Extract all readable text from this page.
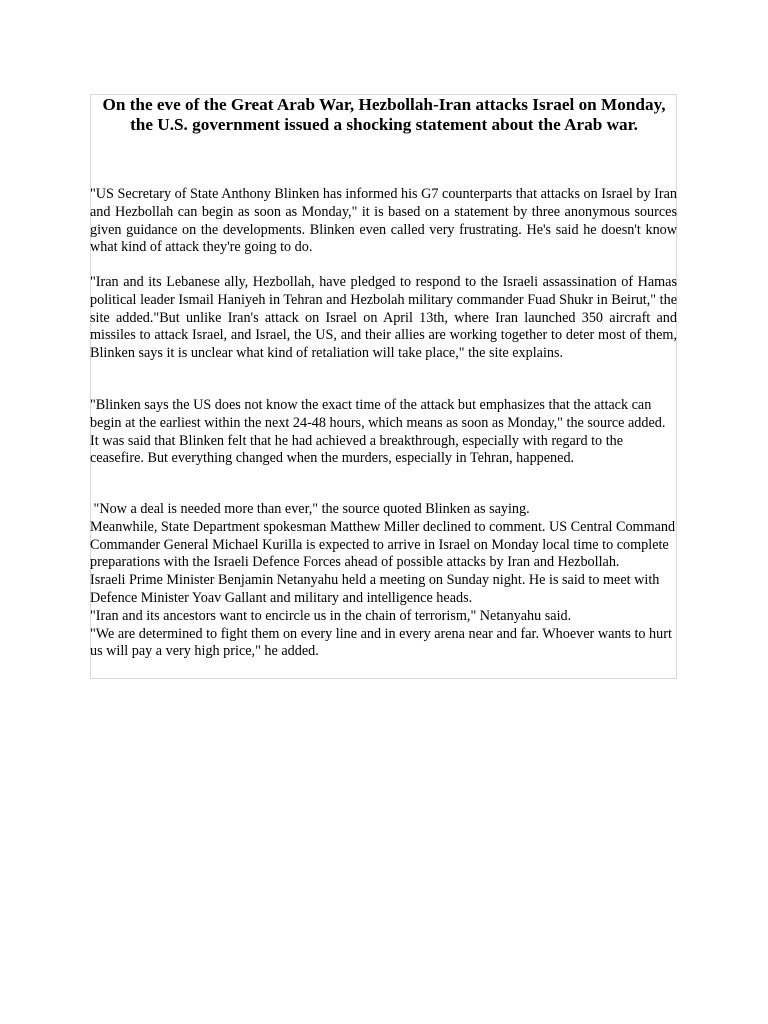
On the eve of the Great Arab War, Hezbollah-Iran attacks Israel on Monday, the U.S. government issued a shocking statement about the Arab war.

"US Secretary of State Anthony Blinken has informed his G7 counterparts that attacks on Israel by Iran and Hezbollah can begin as soon as Monday," it is based on a statement by three anonymous sources given guidance on the developments. Blinken even called very frustrating. He's said he doesn't know what kind of attack they're going to do.

"Iran and its Lebanese ally, Hezbollah, have pledged to respond to the Israeli assassination of Hamas political leader Ismail Haniyeh in Tehran and Hezbolah military commander Fuad Shukr in Beirut," the site added."But unlike Iran's attack on Israel on April 13th, where Iran launched 350 aircraft and missiles to attack Israel, and Israel, the US, and their allies are working together to deter most of them, Blinken says it is unclear what kind of retaliation will take place," the site explains.

"Blinken says the US does not know the exact time of the attack but emphasizes that the attack can begin at the earliest within the next 24-48 hours, which means as soon as Monday," the source added.
It was said that Blinken felt that he had achieved a breakthrough, especially with regard to the ceasefire. But everything changed when the murders, especially in Tehran, happened.
"Now a deal is needed more than ever," the source quoted Blinken as saying.
Meanwhile, State Department spokesman Matthew Miller declined to comment. US Central Command Commander General Michael Kurilla is expected to arrive in Israel on Monday local time to complete preparations with the Israeli Defence Forces ahead of possible attacks by Iran and Hezbollah.
Israeli Prime Minister Benjamin Netanyahu held a meeting on Sunday night. He is said to meet with Defence Minister Yoav Gallant and military and intelligence heads.
"Iran and its ancestors want to encircle us in the chain of terrorism," Netanyahu said.
"We are determined to fight them on every line and in every arena near and far. Whoever wants to hurt us will pay a very high price," he added.
